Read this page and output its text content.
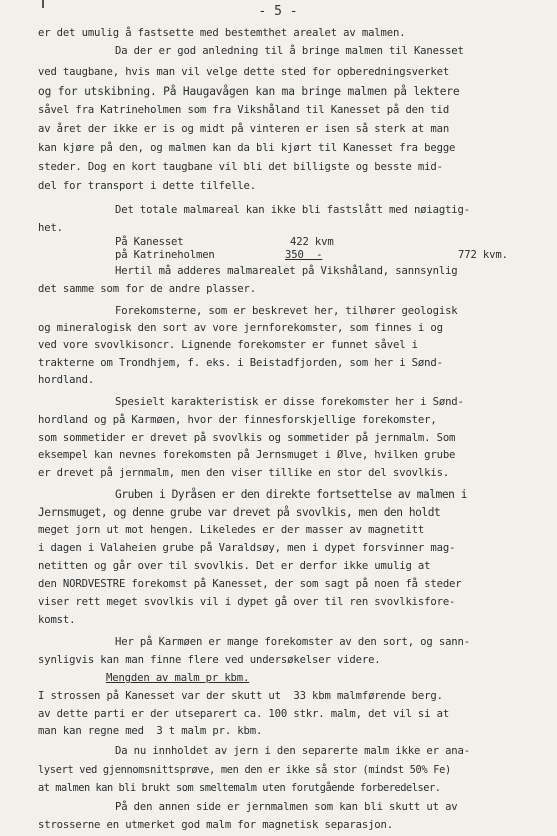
- 5 -
er det umulig å fastsette med bestemthet arealet av malmen.
Da der er god anledning til å bringe malmen til Kanesset
ved taugbane, hvis man vil velge dette sted for opberedningsverket
og for utskibning. På Haugavågen kan ma bringe malmen på lektere
såvel fra Katrineholmen som fra Vikshåland til Kanesset på den tid
av året der ikke er is og midt på vinteren er isen så sterk at man
kan kjøre på den, og malmen kan da bli kjørt til Kanesset fra begge
steder. Dog en kort taugbane vil bli det billigste og besste mid-
del for transport i dette tilfelle.
Det totale malmareal kan ikke bli fastslått med nøiagtig-
het.
På Kanesset	422 kvm
på Katrineholmen	350  -	772 kvm.
Hertil må adderes malmarealet på Vikshåland, sannsynlig
det samme som for de andre plasser.
Forekomsterne, som er beskrevet her, tilhører geologisk
og mineralogisk den sort av vore jernforekomster, som finnes i og
ved vore svovlkisoncr. Lignende forekomster er funnet såvel i
trakterne om Trondhjem, f. eks. i Beistadfjorden, som her i Sønd-
hordland.
Spesielt karakteristisk er disse forekomster her i Sønd-
hordland og på Karmøen, hvor der finnesforskjellige forekomster,
som sommetider er drevet på svovlkis og sommetider på jernmalm. Som
eksempel kan nevnes forekomsten på Jernsmuget i Ølve, hvilken grube
er drevet på jernmalm, men den viser tillike en stor del svovlkis.
Gruben i Dyråsen er den direkte fortsettelse av malmen i
Jernsmuget, og denne grube var drevet på svovlkis, men den holdt
meget jorn ut mot hengen. Likeledes er der masser av magnetitt
i dagen i Valaheien grube på Varaldsøy, men i dypet forsvinner mag-
netitten og går over til svovlkis. Det er derfor ikke umulig at
den NORDVESTRE forekomst på Kanesset, der som sagt på noen få steder
viser rett meget svovlkis vil i dypet gå over til ren svovlkisfore-
komst.
Her på Karmøen er mange forekomster av den sort, og sann-
synligvis kan man finne flere ved undersøkelser videre.
Mengden av malm pr kbm.
I strossen på Kanesset var der skutt ut  33 kbm malmførende berg.
av dette parti er der utseparert ca. 100 stkr. malm, det vil si at
man kan regne med  3 t malm pr. kbm.
Da nu innholdet av jern i den separerte malm ikke er ana-
lysert ved gjennomsnittsprøve, men den er ikke så stor (mindst 50% Fe)
at malmen kan bli brukt som smeltemalm uten forutgående forberedelser.
På den annen side er jernmalmen som kan bli skutt ut av
strosserne en utmerket god malm for magnetisk separasjon.
